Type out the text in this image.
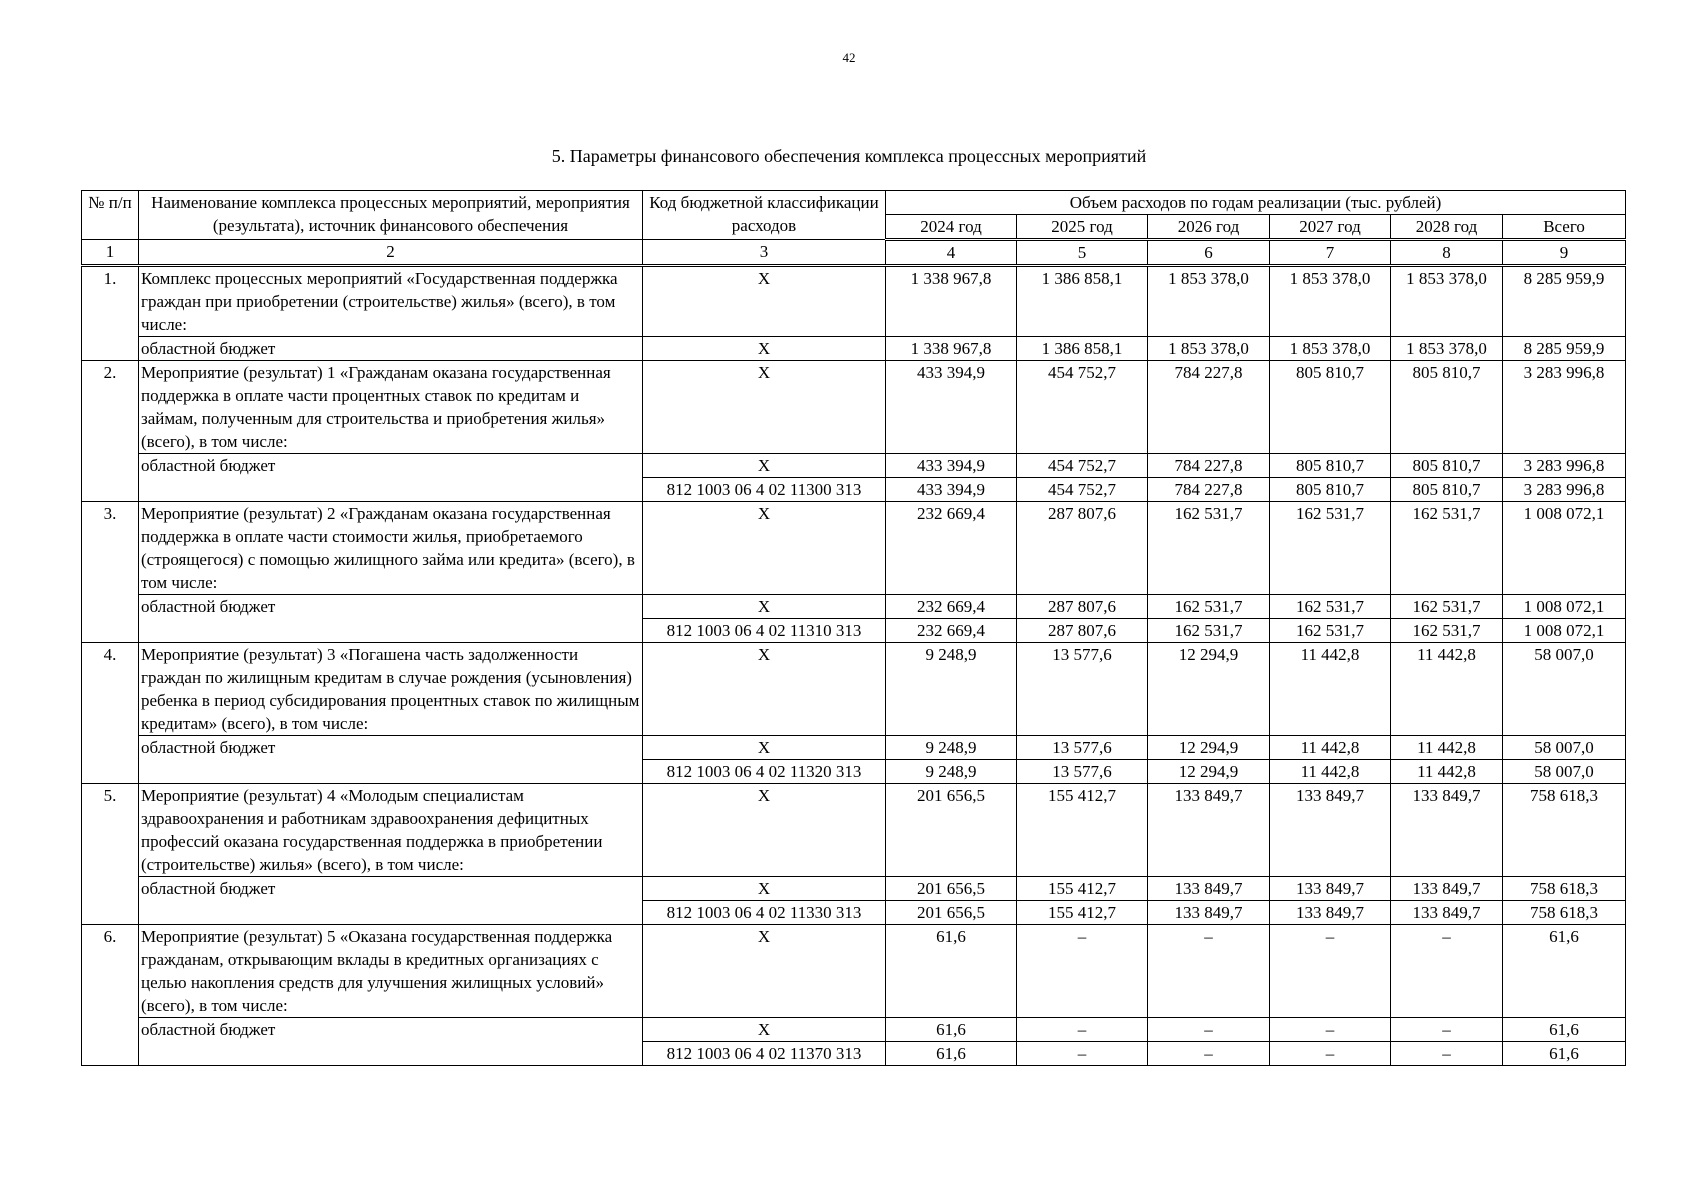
42
5. Параметры финансового обеспечения комплекса процессных мероприятий
№ п/п	Наименование комплекса процессных мероприятий, мероприятия (результата), источник финансового обеспечения	Код бюджетной классификации расходов	Объем расходов по годам реализации (тыс. рублей)					
			2024 год	2025 год	2026 год	2027 год	2028 год	Всего
1	2	3	4	5	6	7	8	9
1.	Комплекс процессных мероприятий «Государственная поддержка граждан при приобретении (строительстве) жилья» (всего), в том числе:	Х	1 338 967,8	1 386 858,1	1 853 378,0	1 853 378,0	1 853 378,0	8 285 959,9
	областной бюджет	Х	1 338 967,8	1 386 858,1	1 853 378,0	1 853 378,0	1 853 378,0	8 285 959,9
2.	Мероприятие (результат) 1 «Гражданам оказана государственная поддержка в оплате части процентных ставок по кредитам и займам, полученным для строительства и приобретения жилья» (всего), в том числе:	Х	433 394,9	454 752,7	784 227,8	805 810,7	805 810,7	3 283 996,8
	областной бюджет	Х	433 394,9	454 752,7	784 227,8	805 810,7	805 810,7	3 283 996,8
		812 1003 06 4 02 11300 313	433 394,9	454 752,7	784 227,8	805 810,7	805 810,7	3 283 996,8
3.	Мероприятие (результат) 2 «Гражданам оказана государственная поддержка в оплате части стоимости жилья, приобретаемого (строящегося) с помощью жилищного займа или кредита» (всего), в том числе:	Х	232 669,4	287 807,6	162 531,7	162 531,7	162 531,7	1 008 072,1
	областной бюджет	Х	232 669,4	287 807,6	162 531,7	162 531,7	162 531,7	1 008 072,1
		812 1003 06 4 02 11310 313	232 669,4	287 807,6	162 531,7	162 531,7	162 531,7	1 008 072,1
4.	Мероприятие (результат) 3 «Погашена часть задолженности граждан по жилищным кредитам в случае рождения (усыновления) ребенка в период субсидирования процентных ставок по жилищным кредитам» (всего), в том числе:	Х	9 248,9	13 577,6	12 294,9	11 442,8	11 442,8	58 007,0
	областной бюджет	Х	9 248,9	13 577,6	12 294,9	11 442,8	11 442,8	58 007,0
		812 1003 06 4 02 11320 313	9 248,9	13 577,6	12 294,9	11 442,8	11 442,8	58 007,0
5.	Мероприятие (результат) 4 «Молодым специалистам здравоохранения и работникам здравоохранения дефицитных профессий оказана государственная поддержка в приобретении (строительстве) жилья» (всего), в том числе:	Х	201 656,5	155 412,7	133 849,7	133 849,7	133 849,7	758 618,3
	областной бюджет	Х	201 656,5	155 412,7	133 849,7	133 849,7	133 849,7	758 618,3
		812 1003 06 4 02 11330 313	201 656,5	155 412,7	133 849,7	133 849,7	133 849,7	758 618,3
6.	Мероприятие (результат) 5 «Оказана государственная поддержка гражданам, открывающим вклады в кредитных организациях с целью накопления средств для улучшения жилищных условий» (всего), в том числе:	Х	61,6	–	–	–	–	61,6
	областной бюджет	Х	61,6	–	–	–	–	61,6
		812 1003 06 4 02 11370 313	61,6	–	–	–	–	61,6
